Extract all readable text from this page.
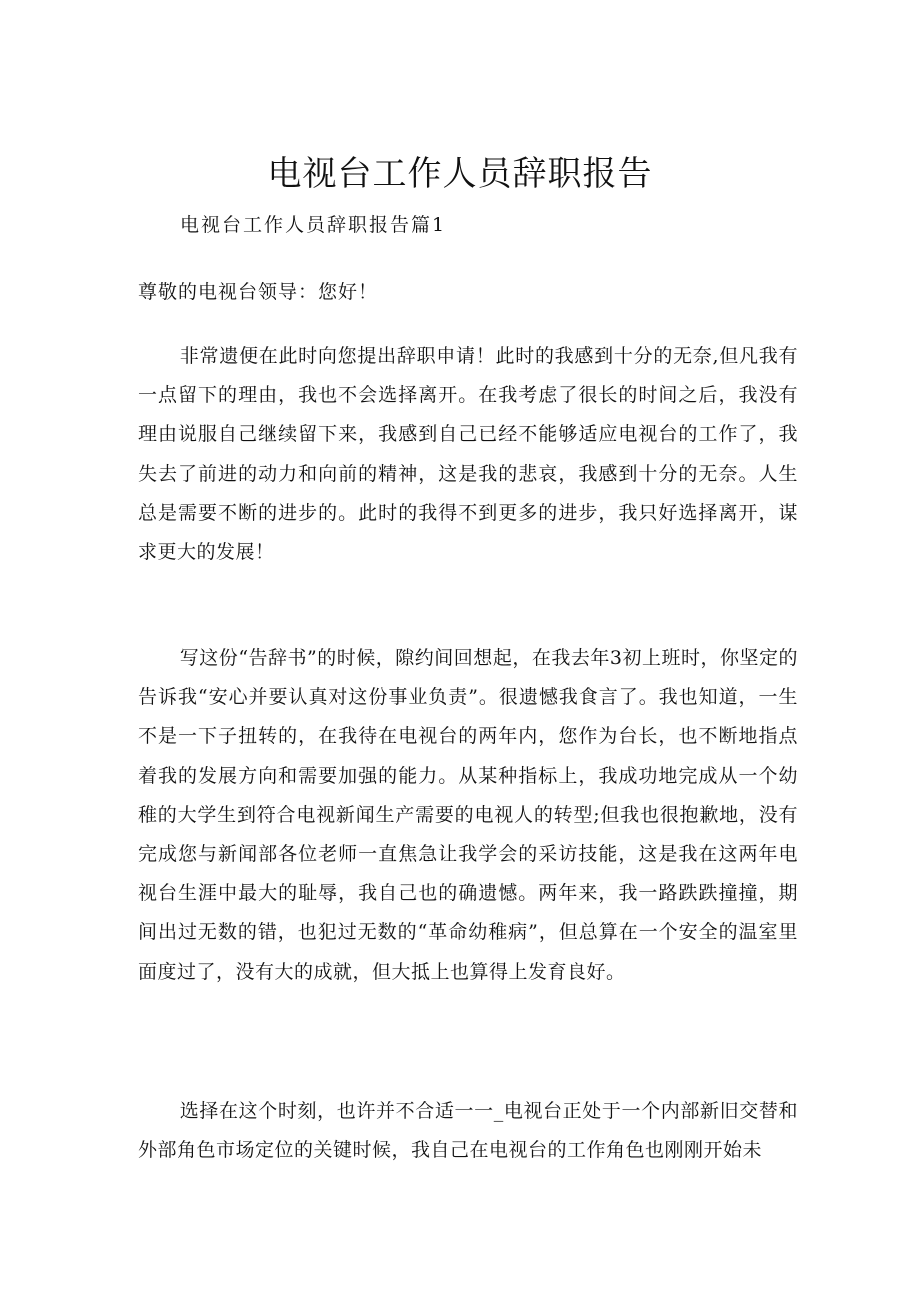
电视台工作人员辞职报告

电视台工作人员辞职报告篇1

尊敬的电视台领导：您好！

非常遗便在此时向您提出辞职申请！此时的我感到十分的无奈,但凡我有一点留下的理由，我也不会选择离开。在我考虑了很长的时间之后，我没有理由说服自己继续留下来，我感到自己已经不能够适应电视台的工作了，我失去了前进的动力和向前的精神，这是我的悲哀，我感到十分的无奈。人生总是需要不断的进步的。此时的我得不到更多的进步，我只好选择离开，谋求更大的发展！

写这份“告辞书”的时候，隙约间回想起，在我去年3初上班时，你坚定的告诉我“安心并要认真对这份事业负责”。很遗憾我食言了。我也知道，一生不是一下子扭转的，在我待在电视台的两年内，您作为台长，也不断地指点着我的发展方向和需要加强的能力。从某种指标上，我成功地完成从一个幼稚的大学生到符合电视新闻生产需要的电视人的转型;但我也很抱歉地，没有完成您与新闻部各位老师一直焦急让我学会的采访技能，这是我在这两年电视台生涯中最大的耻辱，我自己也的确遗憾。两年来，我一路跌跌撞撞，期间出过无数的错，也犯过无数的“革命幼稚病”，但总算在一个安全的温室里面度过了，没有大的成就，但大抵上也算得上发育良好。

选择在这个时刻，也许并不合适一一_电视台正处于一个内部新旧交替和外部角色市场定位的关键时候，我自己在电视台的工作角色也刚刚开始未
